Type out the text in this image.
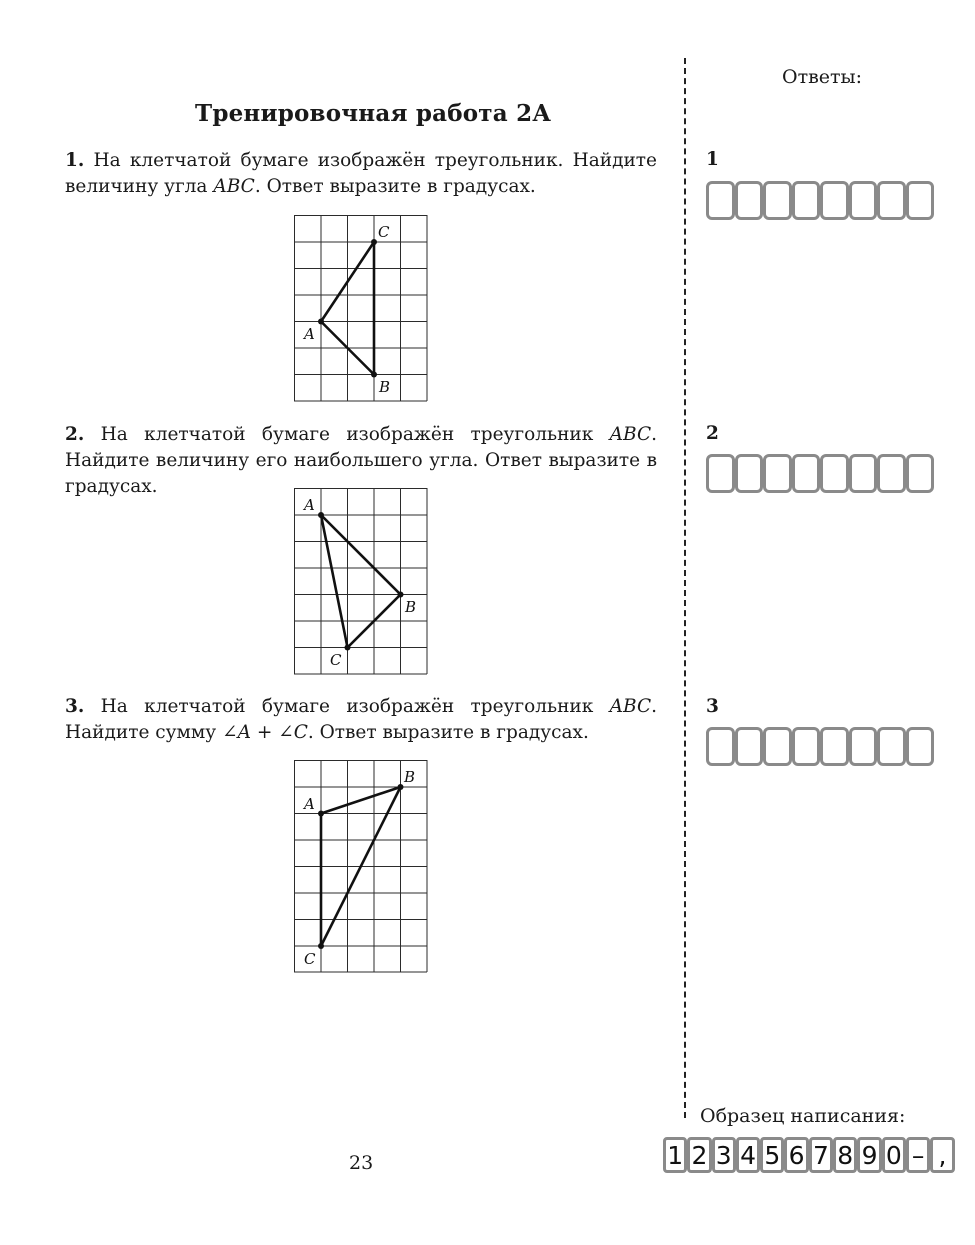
Тренировочная работа 2А
1. На клетчатой бумаге изображён треугольник. Найдите величину угла ABC. Ответ выразите в градусах.
A
B
C
2. На клетчатой бумаге изображён треугольник ABC. Найдите величину его наибольшего угла. Ответ выразите в градусах.
A
B
C
3. На клетчатой бумаге изображён треугольник ABC. Найдите сумму ∠A + ∠C. Ответ выразите в градусах.
A
B
C
Ответы:
1
2
3
Образец написания:
1 2 3 4 5 6 7 8 9 0 – ,
23
